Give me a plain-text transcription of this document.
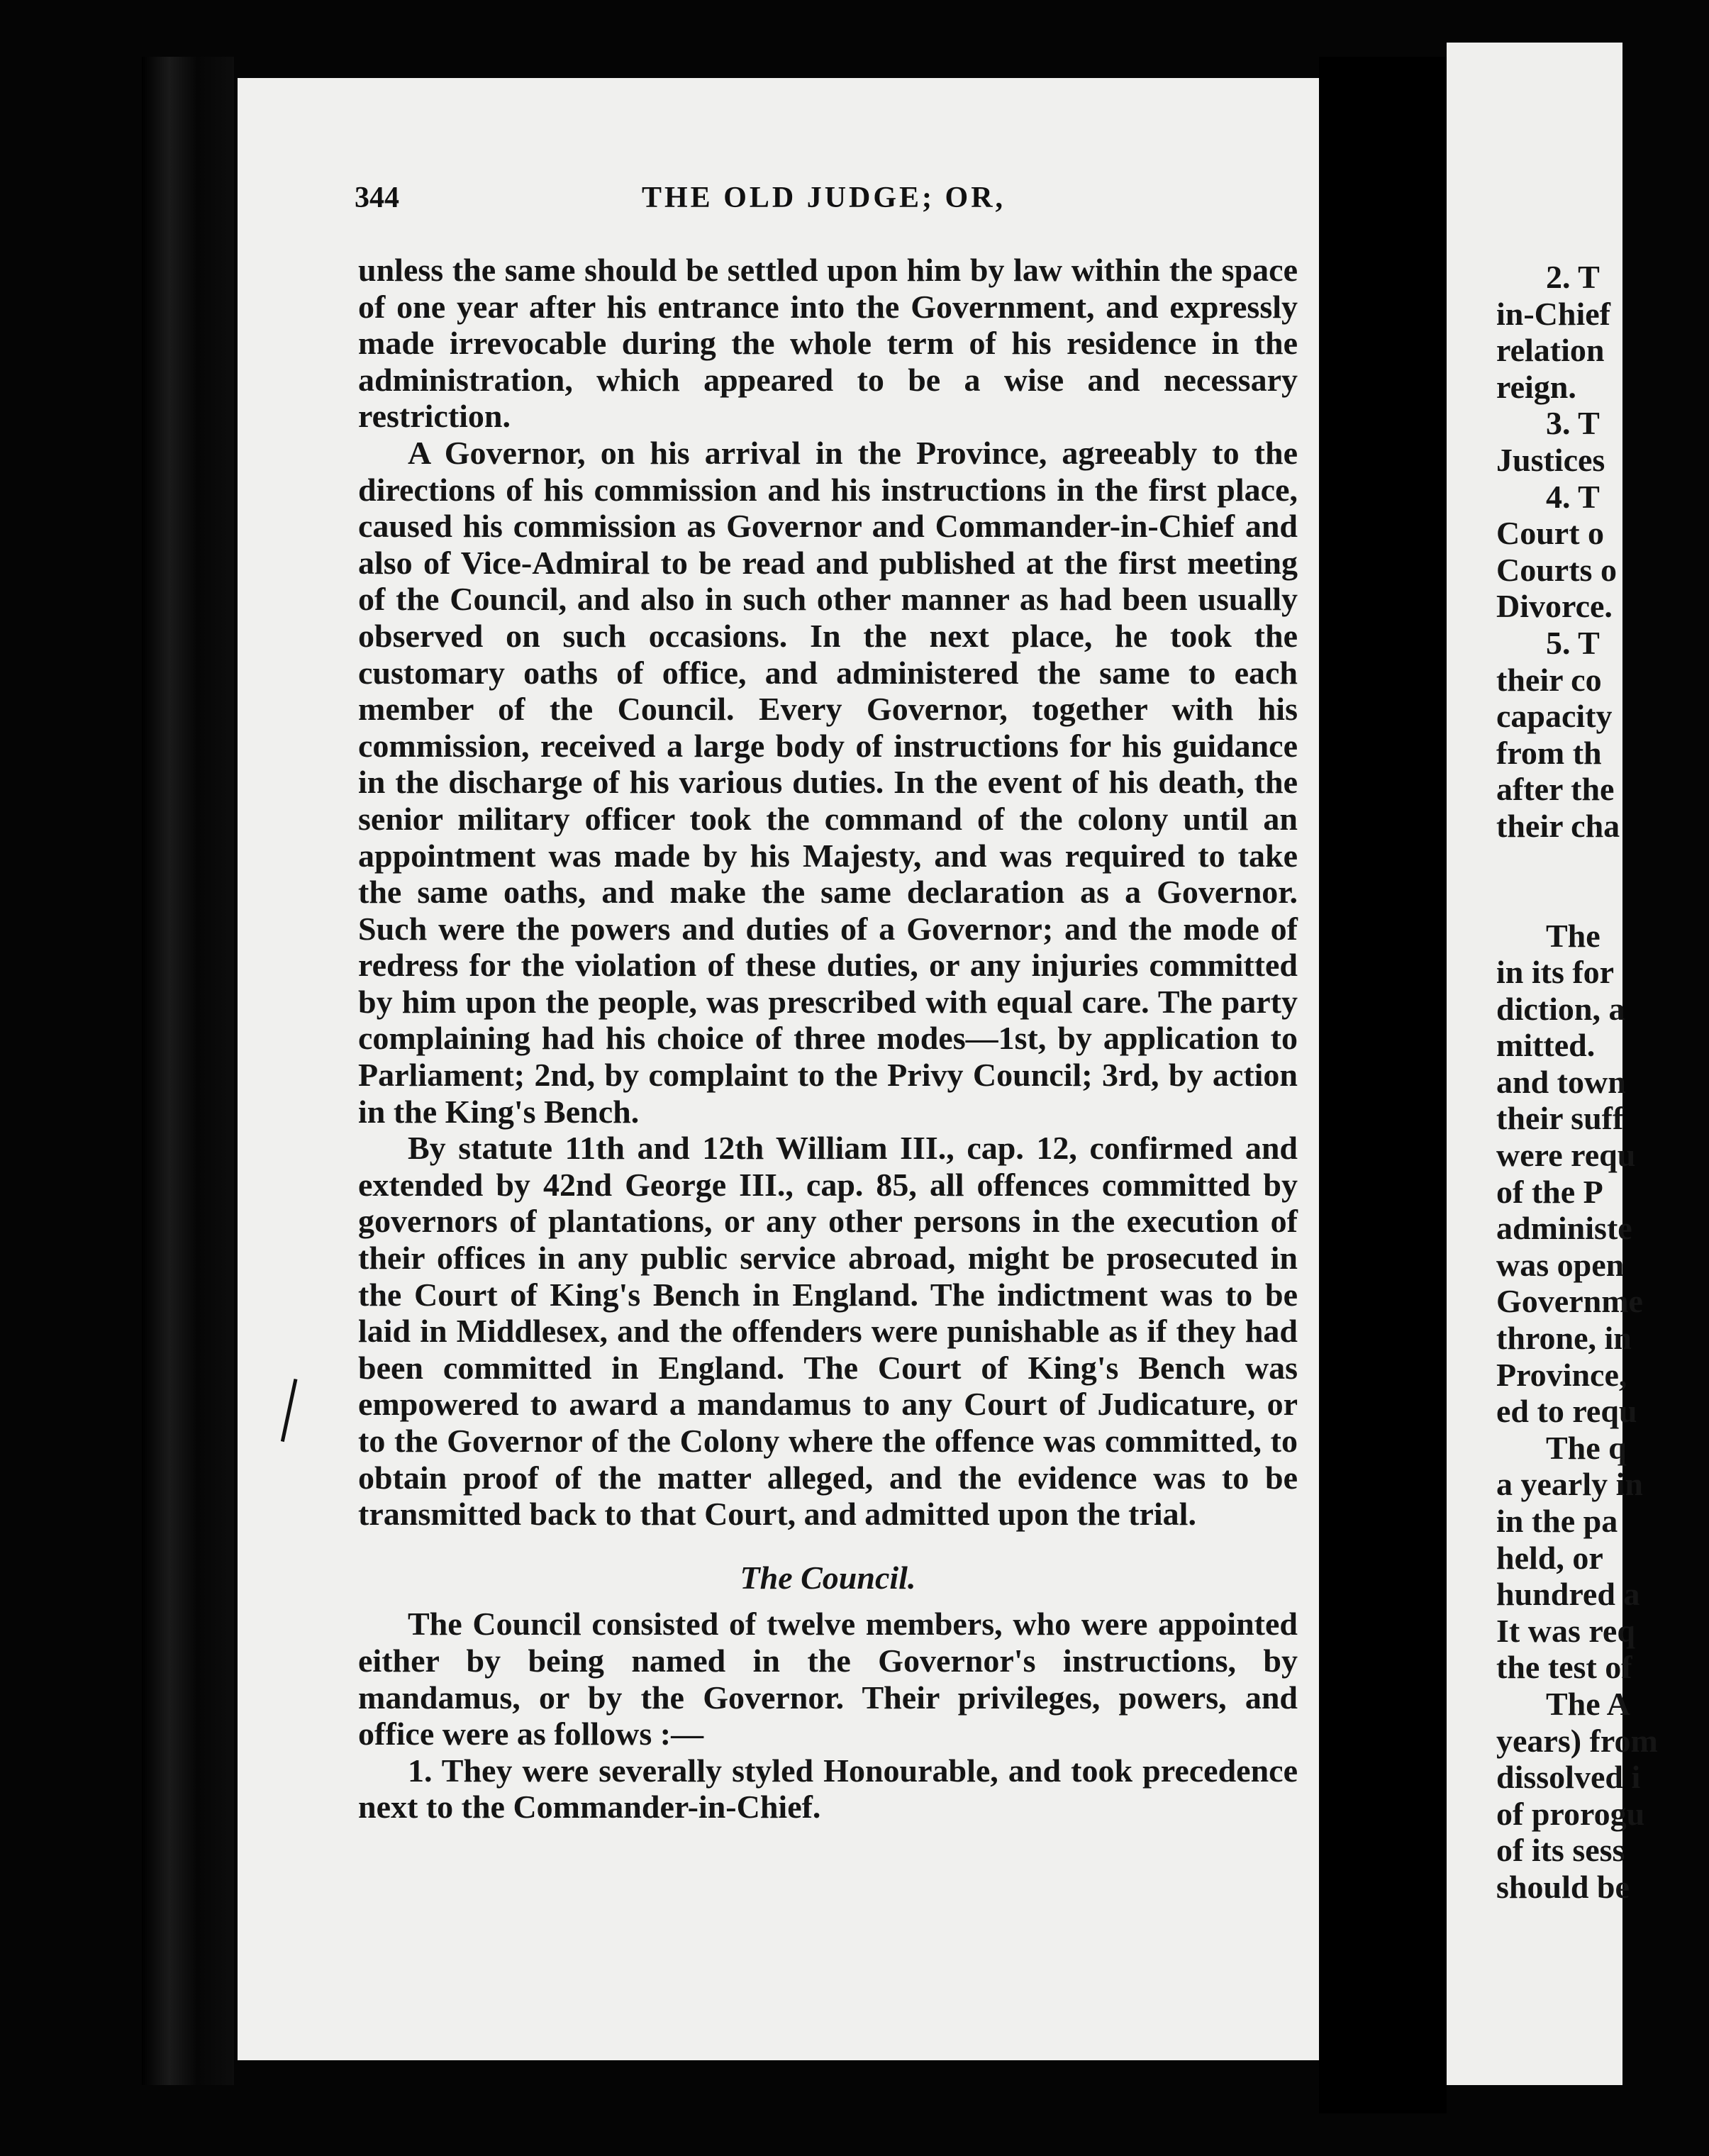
344	THE OLD JUDGE; OR,

unless the same should be settled upon him by law within the space of one year after his entrance into the Government, and expressly made irrevocable during the whole term of his residence in the administration, which appeared to be a wise and necessary restriction.

A Governor, on his arrival in the Province, agreeably to the directions of his commission and his instructions in the first place, caused his commission as Governor and Commander-in-Chief and also of Vice-Admiral to be read and published at the first meeting of the Council, and also in such other manner as had been usually observed on such occasions. In the next place, he took the customary oaths of office, and administered the same to each member of the Council. Every Governor, together with his commission, received a large body of instructions for his guidance in the discharge of his various duties. In the event of his death, the senior military officer took the command of the colony until an appointment was made by his Majesty, and was required to take the same oaths, and make the same declaration as a Governor. Such were the powers and duties of a Governor; and the mode of redress for the violation of these duties, or any injuries committed by him upon the people, was prescribed with equal care. The party complaining had his choice of three modes—1st, by application to Parliament; 2nd, by complaint to the Privy Council; 3rd, by action in the King's Bench.

By statute 11th and 12th William III., cap. 12, confirmed and extended by 42nd George III., cap. 85, all offences committed by governors of plantations, or any other persons in the execution of their offices in any public service abroad, might be prosecuted in the Court of King's Bench in England. The indictment was to be laid in Middlesex, and the offenders were punishable as if they had been committed in England. The Court of King's Bench was empowered to award a mandamus to any Court of Judicature, or to the Governor of the Colony where the offence was committed, to obtain proof of the matter alleged, and the evidence was to be transmitted back to that Court, and admitted upon the trial.

The Council.

The Council consisted of twelve members, who were appointed either by being named in the Governor's instructions, by mandamus, or by the Governor. Their privileges, powers, and office were as follows :—

1. They were severally styled Honourable, and took precedence next to the Commander-in-Chief.

2. T
in-Chief
relation
reign.
3. T
Justices
4. T
Court o
Courts o
Divorce.
5. T
their co
capacity
from th
after the
their cha
The
in its for
diction, a
mitted.
and town
their suff
were requ
of the P
administe
was open
Governme
throne, in
Province,
ed to requ
The q
a yearly in
in the pa
held, or
hundred a
It was req
the test of
The A
years) from
dissolved i
of prorogu
of its sess
should be
